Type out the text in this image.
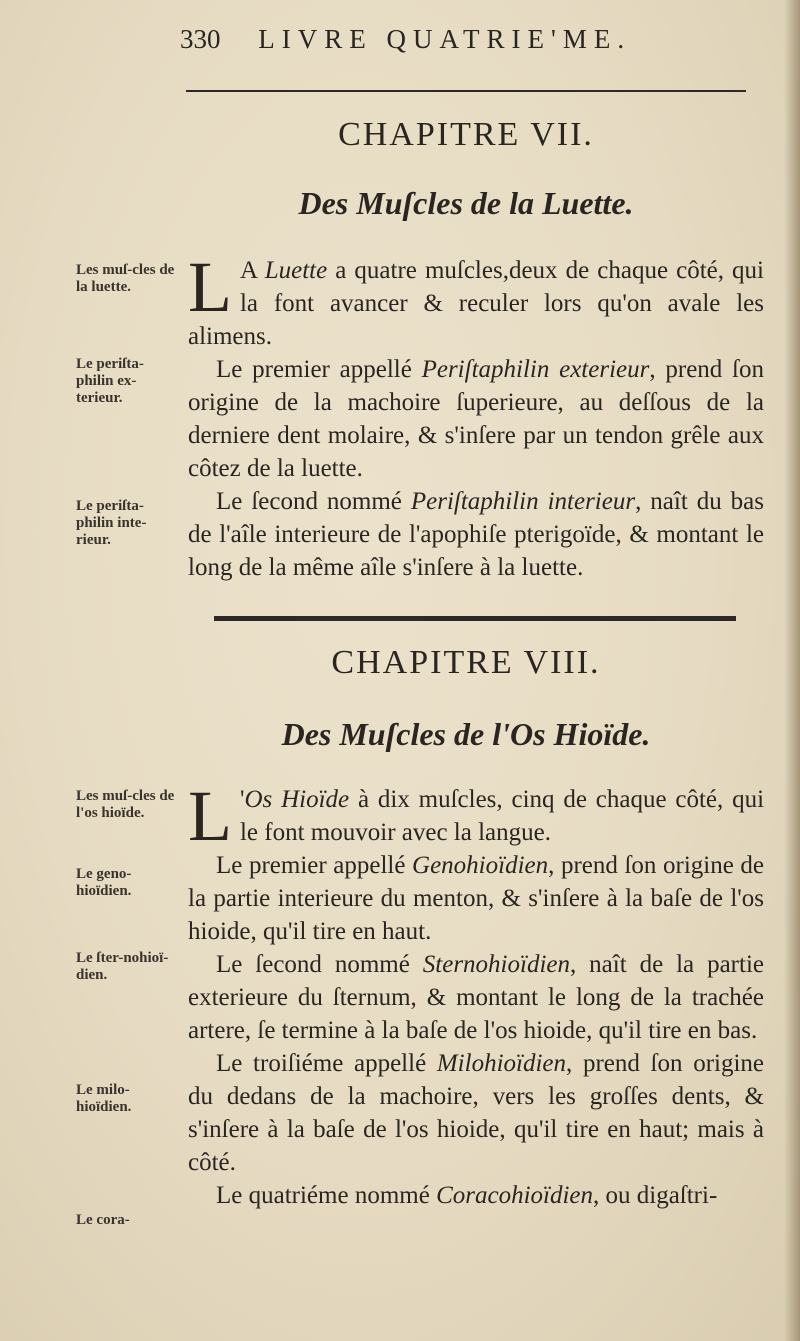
330 LIVRE QUATRIE'ME.
CHAPITRE VII.
Des Muſcles de la Luette.
Les muſ-cles de la luette.
Le periſta-philin ex-terieur.
Le periſta-philin inte-rieur.

L A Luette a quatre muſcles,deux de chaque côté, qui la font avancer & reculer lors qu'on avale les alimens.

Le premier appellé Periſtaphilin exterieur, prend ſon origine de la machoire ſuperieure, au deſſous de la derniere dent molaire, & s'inſere par un tendon grêle aux côtez de la luette.

Le ſecond nommé Periſtaphilin interieur, naît du bas de l'aîle interieure de l'apophiſe pterigoïde, & montant le long de la même aîle s'inſere à la luette.

CHAPITRE VIII.
Des Muſcles de l'Os Hioïde.
Les muſ-cles de l'os hioïde.
Le geno-hioïdien.
Le ſter-nohioï-dien.
Le milo-hioïdien.
Le cora-

L 'Os Hioïde à dix muſcles, cinq de chaque côté, qui le font mouvoir avec la langue.

Le premier appellé Genohioïdien, prend ſon origine de la partie interieure du menton, & s'inſere à la baſe de l'os hioide, qu'il tire en haut.

Le ſecond nommé Sternohioïdien, naît de la partie exterieure du ſternum, & montant le long de la trachée artere, ſe termine à la baſe de l'os hioide, qu'il tire en bas.

Le troiſiéme appellé Milohioïdien, prend ſon origine du dedans de la machoire, vers les groſſes dents, & s'inſere à la baſe de l'os hioide, qu'il tire en haut; mais à côté.

Le quatriéme nommé Coracohioïdien, ou digaſtri-
